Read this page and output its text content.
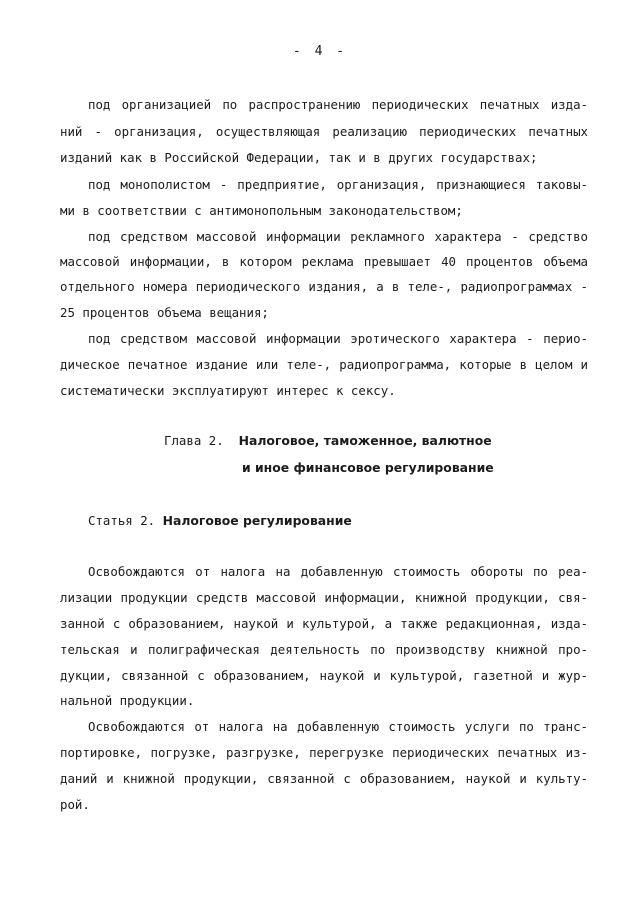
- 4 -
под организацией по распространению периодических печатных изда-
ний - организация, осуществляющая реализацию периодических печатных
изданий как в Российской Федерации, так и в других государствах;
под монополистом - предприятие, организация, признающиеся таковы-
ми в соответствии с антимонопольным законодательством;
под средством массовой информации рекламного характера - средство
массовой информации, в котором реклама превышает 40 процентов объема
отдельного номера периодического издания, а в теле-, радиопрограммах -
25 процентов объема вещания;
под средством массовой информации эротического характера - перио-
дическое печатное издание или теле-, радиопрограмма, которые в целом и
систематически эксплуатируют интерес к сексу.
Глава 2. Налоговое, таможенное, валютное
и иное финансовое регулирование
Статья 2. Налоговое регулирование
Освобождаются от налога на добавленную стоимость обороты по реа-
лизации продукции средств массовой информации, книжной продукции, свя-
занной с образованием, наукой и культурой, а также редакционная, изда-
тельская и полиграфическая деятельность по производству книжной про-
дукции, связанной с образованием, наукой и культурой, газетной и жур-
нальной продукции.
Освобождаются от налога на добавленную стоимость услуги по транс-
портировке, погрузке, разгрузке, перегрузке периодических печатных из-
даний и книжной продукции, связанной с образованием, наукой и культу-
рой.
